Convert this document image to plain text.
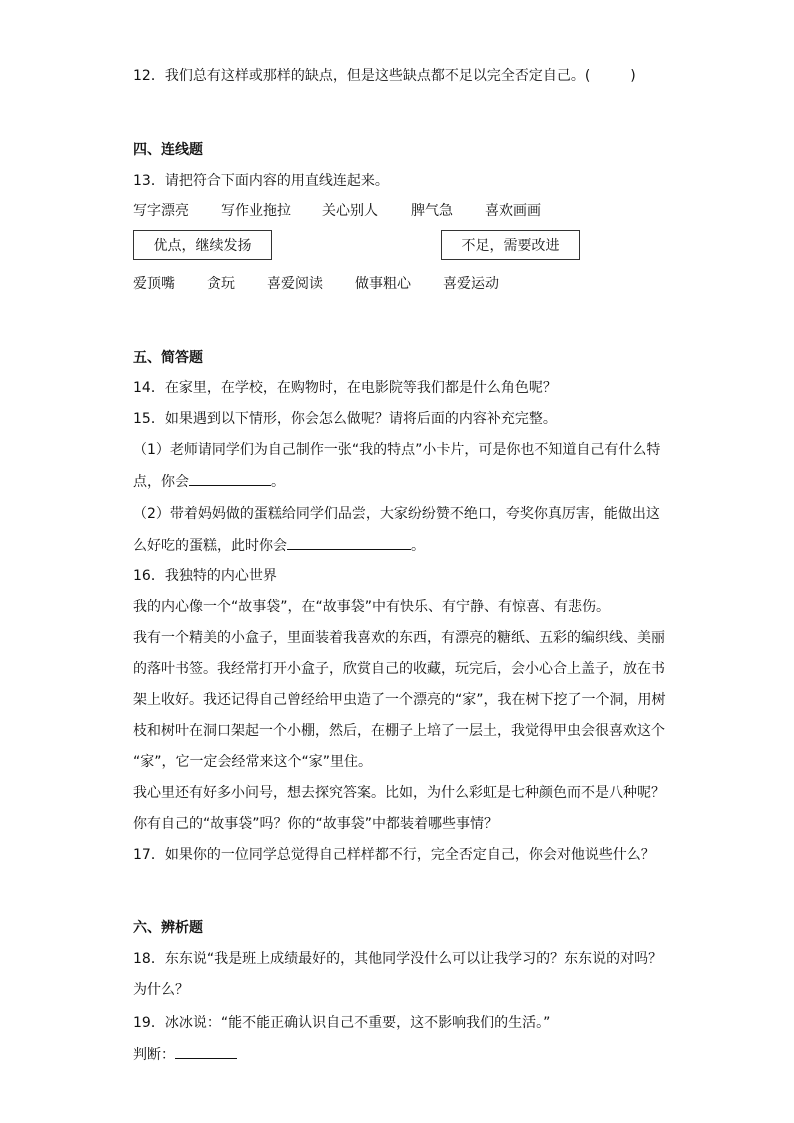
12．我们总有这样或那样的缺点，但是这些缺点都不足以完全否定自己。(	)
四、连线题
13．请把符合下面内容的用直线连起来。
写字漂亮 写作业拖拉 关心别人 脾气急 喜欢画画
优点，继续发扬	不足，需要改进
爱顶嘴 贪玩 喜爱阅读 做事粗心 喜爱运动
五、简答题
14．在家里，在学校，在购物时，在电影院等我们都是什么角色呢？
15．如果遇到以下情形，你会怎么做呢？请将后面的内容补充完整。
（1）老师请同学们为自己制作一张“我的特点”小卡片，可是你也不知道自己有什么特
点，你会	。
（2）带着妈妈做的蛋糕给同学们品尝，大家纷纷赞不绝口，夸奖你真厉害，能做出这
么好吃的蛋糕，此时你会	。
16．我独特的内心世界
我的内心像一个“故事袋”，在“故事袋”中有快乐、有宁静、有惊喜、有悲伤。
我有一个精美的小盒子，里面装着我喜欢的东西，有漂亮的糖纸、五彩的编织线、美丽
的落叶书签。我经常打开小盒子，欣赏自己的收藏，玩完后，会小心合上盖子，放在书
架上收好。我还记得自己曾经给甲虫造了一个漂亮的“家”，我在树下挖了一个洞，用树
枝和树叶在洞口架起一个小棚，然后，在棚子上培了一层土，我觉得甲虫会很喜欢这个
“家”，它一定会经常来这个“家”里住。
我心里还有好多小问号，想去探究答案。比如，为什么彩虹是七种颜色而不是八种呢？
你有自己的“故事袋”吗？你的“故事袋”中都装着哪些事情？
17．如果你的一位同学总觉得自己样样都不行，完全否定自己，你会对他说些什么？
六、辨析题
18．东东说“我是班上成绩最好的，其他同学没什么可以让我学习的？东东说的对吗？
为什么？
19．冰冰说：“能不能正确认识自己不重要，这不影响我们的生活。”
判断：
